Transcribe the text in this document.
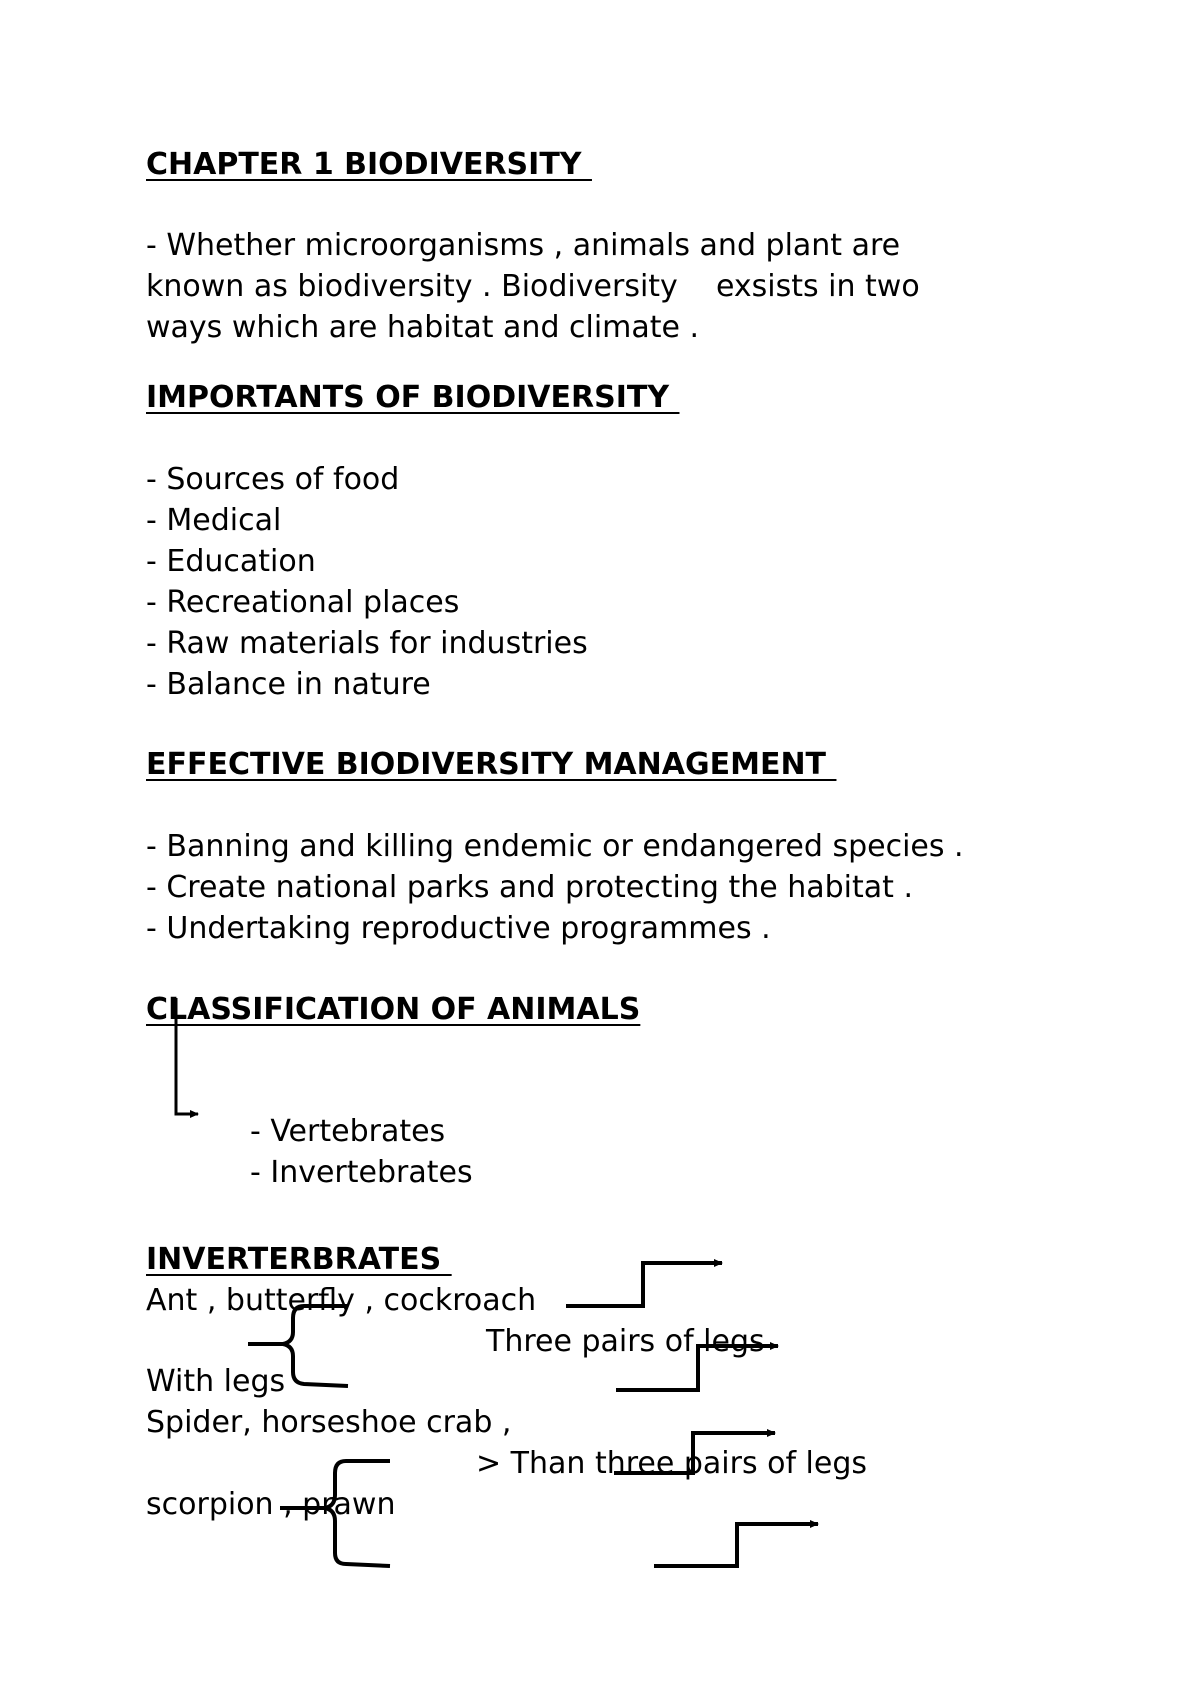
CHAPTER 1 BIODIVERSITY

- Whether microorganisms , animals and plant are

known as biodiversity . Biodiversity    exsists in two

ways which are habitat and climate .

IMPORTANTS OF BIODIVERSITY

- Sources of food

- Medical

- Education

- Recreational places

- Raw materials for industries

- Balance in nature

EFFECTIVE BIODIVERSITY MANAGEMENT

- Banning and killing endemic or endangered species .

- Create national parks and protecting the habitat .

- Undertaking reproductive programmes .

CLASSIFICATION OF ANIMALS

- Vertebrates

- Invertebrates

INVERTERBRATES

Ant , butterfly , cockroach

Three pairs of legs

With legs

Spider, horseshoe crab ,

> Than three pairs of legs

scorpion , prawn
